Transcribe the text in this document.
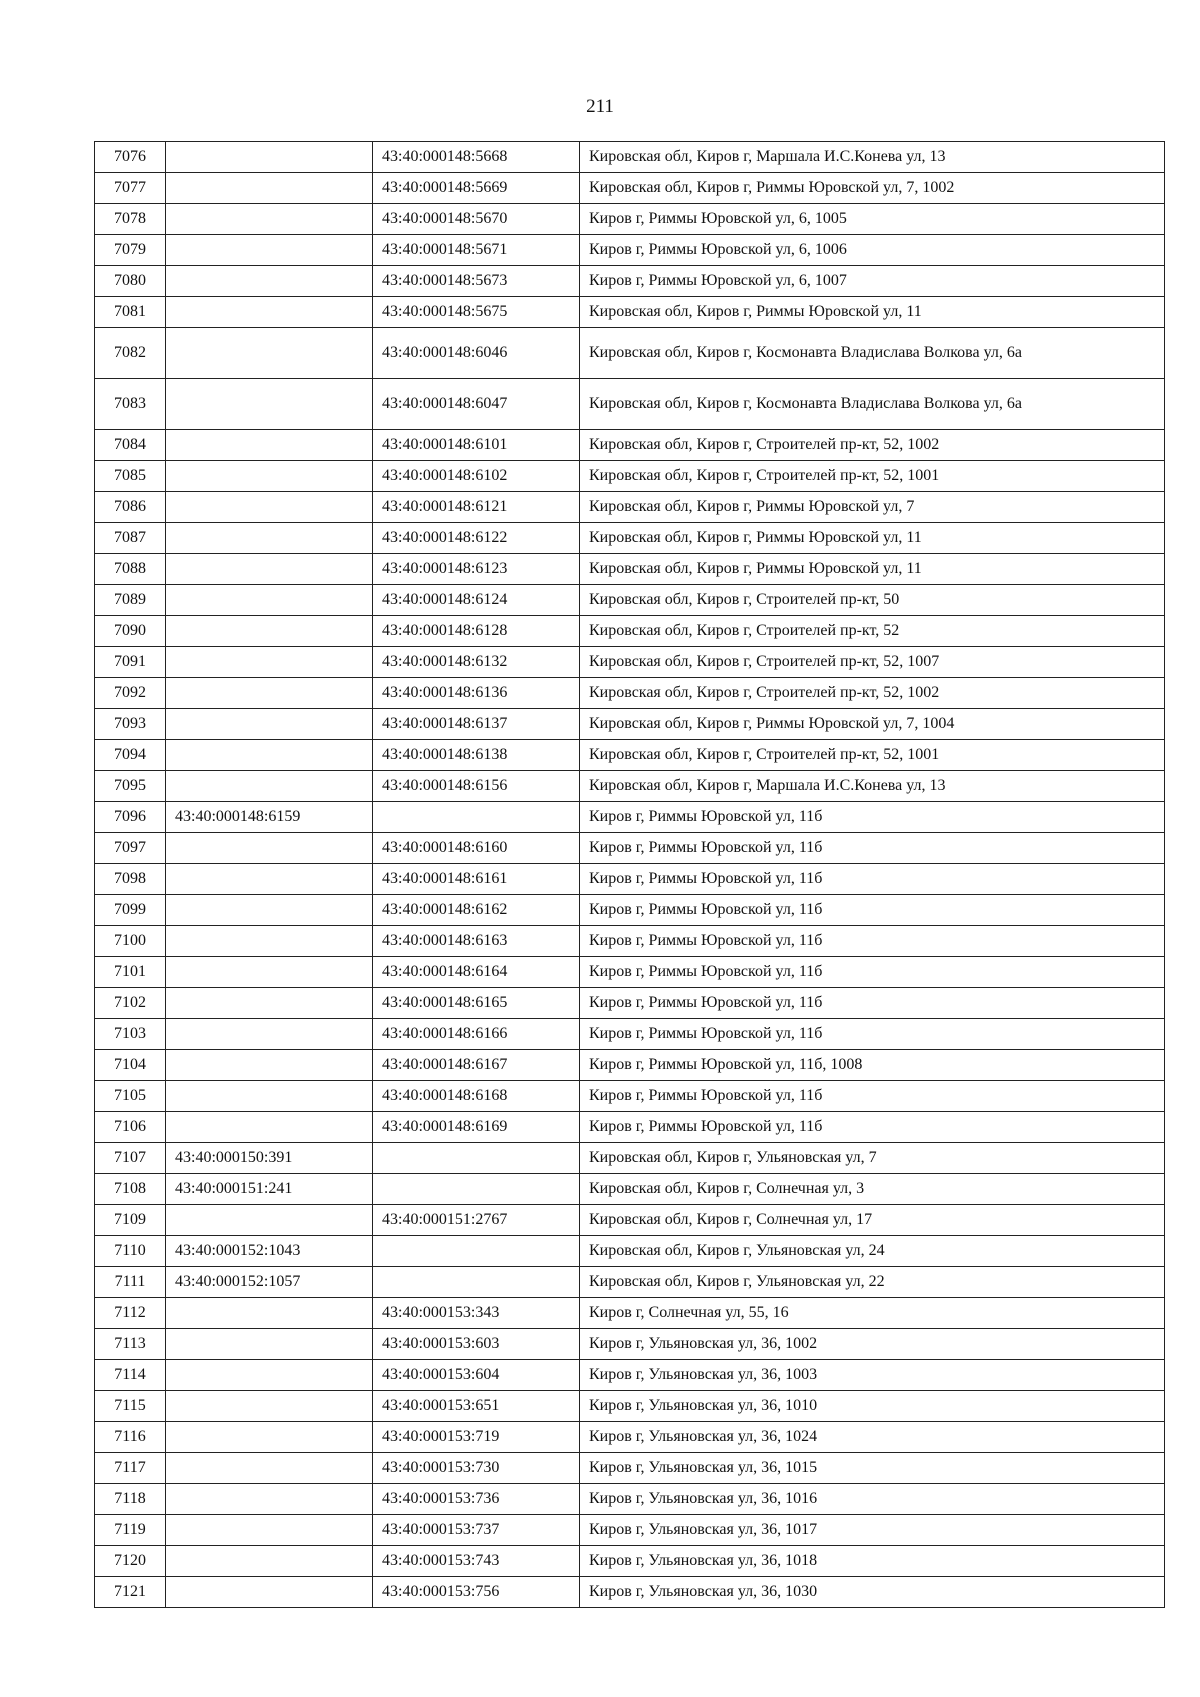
211
7076		43:40:000148:5668	Кировская обл, Киров г, Маршала И.С.Конева ул, 13
7077		43:40:000148:5669	Кировская обл, Киров г, Риммы Юровской ул, 7, 1002
7078		43:40:000148:5670	Киров г, Риммы Юровской ул, 6, 1005
7079		43:40:000148:5671	Киров г, Риммы Юровской ул, 6, 1006
7080		43:40:000148:5673	Киров г, Риммы Юровской ул, 6, 1007
7081		43:40:000148:5675	Кировская обл, Киров г, Риммы Юровской ул, 11
7082		43:40:000148:6046	Кировская обл, Киров г, Космонавта Владислава Волкова ул, 6а
7083		43:40:000148:6047	Кировская обл, Киров г, Космонавта Владислава Волкова ул, 6а
7084		43:40:000148:6101	Кировская обл, Киров г, Строителей пр-кт, 52, 1002
7085		43:40:000148:6102	Кировская обл, Киров г, Строителей пр-кт, 52, 1001
7086		43:40:000148:6121	Кировская обл, Киров г, Риммы Юровской ул, 7
7087		43:40:000148:6122	Кировская обл, Киров г, Риммы Юровской ул, 11
7088		43:40:000148:6123	Кировская обл, Киров г, Риммы Юровской ул, 11
7089		43:40:000148:6124	Кировская обл, Киров г, Строителей пр-кт, 50
7090		43:40:000148:6128	Кировская обл, Киров г, Строителей пр-кт, 52
7091		43:40:000148:6132	Кировская обл, Киров г, Строителей пр-кт, 52, 1007
7092		43:40:000148:6136	Кировская обл, Киров г, Строителей пр-кт, 52, 1002
7093		43:40:000148:6137	Кировская обл, Киров г, Риммы Юровской ул, 7, 1004
7094		43:40:000148:6138	Кировская обл, Киров г, Строителей пр-кт, 52, 1001
7095		43:40:000148:6156	Кировская обл, Киров г, Маршала И.С.Конева ул, 13
7096	43:40:000148:6159		Киров г, Риммы Юровской ул, 11б
7097		43:40:000148:6160	Киров г, Риммы Юровской ул, 11б
7098		43:40:000148:6161	Киров г, Риммы Юровской ул, 11б
7099		43:40:000148:6162	Киров г, Риммы Юровской ул, 11б
7100		43:40:000148:6163	Киров г, Риммы Юровской ул, 11б
7101		43:40:000148:6164	Киров г, Риммы Юровской ул, 11б
7102		43:40:000148:6165	Киров г, Риммы Юровской ул, 11б
7103		43:40:000148:6166	Киров г, Риммы Юровской ул, 11б
7104		43:40:000148:6167	Киров г, Риммы Юровской ул, 11б, 1008
7105		43:40:000148:6168	Киров г, Риммы Юровской ул, 11б
7106		43:40:000148:6169	Киров г, Риммы Юровской ул, 11б
7107	43:40:000150:391		Кировская обл, Киров г, Ульяновская ул, 7
7108	43:40:000151:241		Кировская обл, Киров г, Солнечная ул, 3
7109		43:40:000151:2767	Кировская обл, Киров г, Солнечная ул, 17
7110	43:40:000152:1043		Кировская обл, Киров г, Ульяновская ул, 24
7111	43:40:000152:1057		Кировская обл, Киров г, Ульяновская ул, 22
7112		43:40:000153:343	Киров г, Солнечная ул, 55, 16
7113		43:40:000153:603	Киров г, Ульяновская ул, 36, 1002
7114		43:40:000153:604	Киров г, Ульяновская ул, 36, 1003
7115		43:40:000153:651	Киров г, Ульяновская ул, 36, 1010
7116		43:40:000153:719	Киров г, Ульяновская ул, 36, 1024
7117		43:40:000153:730	Киров г, Ульяновская ул, 36, 1015
7118		43:40:000153:736	Киров г, Ульяновская ул, 36, 1016
7119		43:40:000153:737	Киров г, Ульяновская ул, 36, 1017
7120		43:40:000153:743	Киров г, Ульяновская ул, 36, 1018
7121		43:40:000153:756	Киров г, Ульяновская ул, 36, 1030
